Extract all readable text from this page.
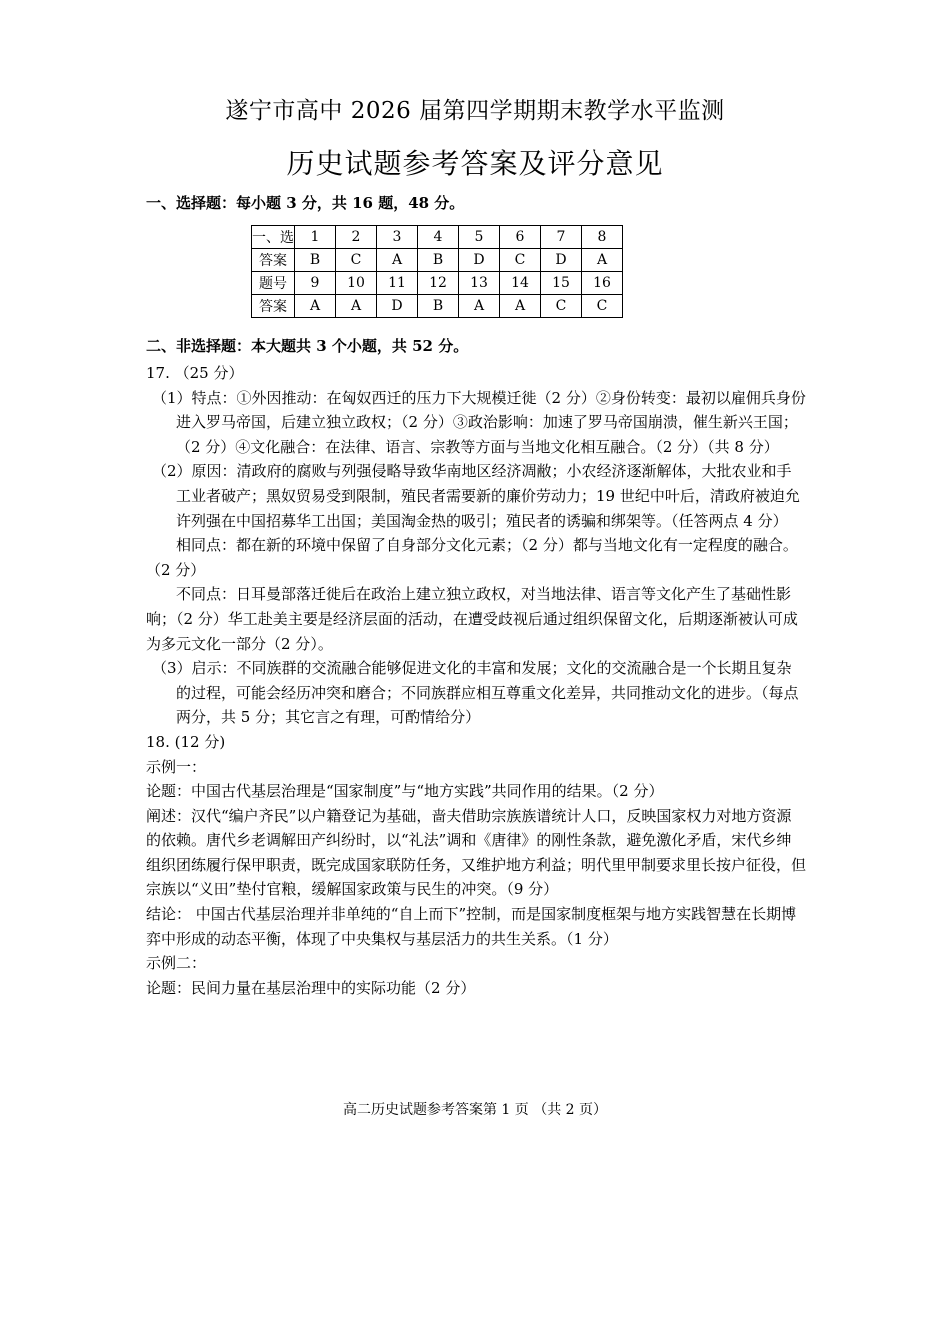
遂宁市高中 2026 届第四学期期末教学水平监测
历史试题参考答案及评分意见
一、选择题：每小题 3 分，共 16 题，48 分。
一、选	1	2	3	4	5	6	7	8
答案	B	C	A	B	D	C	D	A
题号	9	10	11	12	13	14	15	16
答案	A	A	D	B	A	A	C	C
二、非选择题：本大题共 3 个小题，共 52 分。

17. （25 分）

（1）特点：①外因推动：在匈奴西迁的压力下大规模迁徙（2 分）②身份转变：最初以雇佣兵身份进入罗马帝国，后建立独立政权；（2 分）③政治影响：加速了罗马帝国崩溃，催生新兴王国；（2 分）④文化融合：在法律、语言、宗教等方面与当地文化相互融合。（2 分）（共 8 分）

（2）原因：清政府的腐败与列强侵略导致华南地区经济凋敝；小农经济逐渐解体，大批农业和手工业者破产；黑奴贸易受到限制，殖民者需要新的廉价劳动力；19 世纪中叶后，清政府被迫允许列强在中国招募华工出国；美国淘金热的吸引；殖民者的诱骗和绑架等。（任答两点 4 分）

相同点：都在新的环境中保留了自身部分文化元素；（2 分）都与当地文化有一定程度的融合。（2 分）

不同点：日耳曼部落迁徙后在政治上建立独立政权，对当地法律、语言等文化产生了基础性影响；（2 分）华工赴美主要是经济层面的活动，在遭受歧视后通过组织保留文化，后期逐渐被认可成为多元文化一部分（2 分）。

（3）启示：不同族群的交流融合能够促进文化的丰富和发展；文化的交流融合是一个长期且复杂的过程，可能会经历冲突和磨合；不同族群应相互尊重文化差异，共同推动文化的进步。（每点两分，共 5 分；其它言之有理，可酌情给分）

18. (12 分)

示例一：

论题：中国古代基层治理是“国家制度”与“地方实践”共同作用的结果。（2 分）

阐述：汉代“编户齐民”以户籍登记为基础，啬夫借助宗族族谱统计人口，反映国家权力对地方资源的依赖。唐代乡老调解田产纠纷时，以“礼法”调和《唐律》的刚性条款，避免激化矛盾，宋代乡绅组织团练履行保甲职责，既完成国家联防任务，又维护地方利益；明代里甲制要求里长按户征役，但宗族以“义田”垫付官粮，缓解国家政策与民生的冲突。（9 分）

结论： 中国古代基层治理并非单纯的“自上而下”控制，而是国家制度框架与地方实践智慧在长期博弈中形成的动态平衡，体现了中央集权与基层活力的共生关系。（1 分）

示例二：

论题：民间力量在基层治理中的实际功能（2 分）

高二历史试题参考答案第 1 页 （共 2 页）
